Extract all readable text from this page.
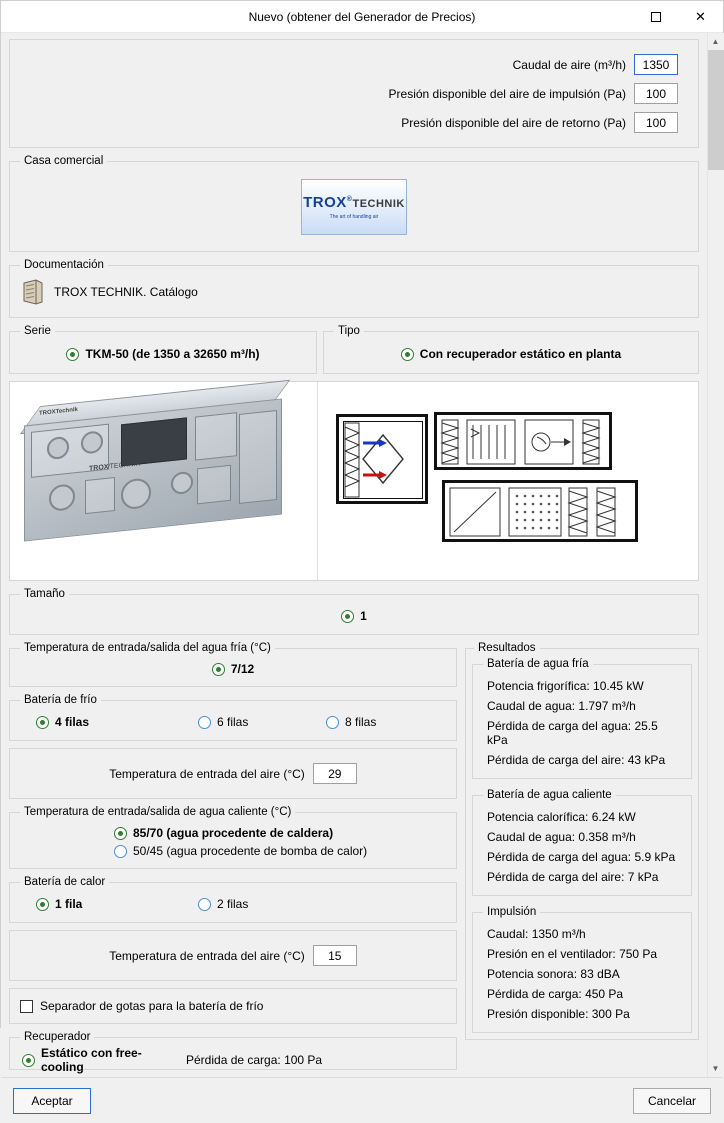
Nuevo (obtener del Generador de Precios)	✕
Caudal de aire (m³/h)
1350
Presión disponible del aire de impulsión (Pa)
100
Presión disponible del aire de retorno (Pa)
100
Casa comercial
TROX®TECHNIK
The art of handling air
Documentación
TROX TECHNIK. Catálogo
Serie
TKM-50 (de 1350 a 32650 m³/h)
Tipo
Con recuperador estático en planta
TROX∕TECHNIK
TROXTechnik
Tamaño
1
Temperatura de entrada/salida del agua fría (°C)
7/12
Batería de frío
4 filas	6 filas	8 filas
Temperatura de entrada del aire (°C)
29
Temperatura de entrada/salida de agua caliente (°C)
85/70 (agua procedente de caldera)
50/45 (agua procedente de bomba de calor)
Batería de calor
1 fila	2 filas
Temperatura de entrada del aire (°C)
15
Separador de gotas para la batería de frío
Recuperador
Estático con free-cooling	Pérdida de carga: 100 Pa
Resultados
Batería de agua fría
Potencia frigorífica: 10.45 kW
Caudal de agua: 1.797 m³/h
Pérdida de carga del agua: 25.5 kPa
Pérdida de carga del aire: 43 kPa
Batería de agua caliente
Potencia calorífica: 6.24 kW
Caudal de agua: 0.358 m³/h
Pérdida de carga del agua: 5.9 kPa
Pérdida de carga del aire: 7 kPa
Impulsión
Caudal: 1350 m³/h
Presión en el ventilador: 750 Pa
Potencia sonora: 83 dBA
Pérdida de carga: 450 Pa
Presión disponible: 300 Pa
▲
▼
Aceptar	Cancelar
